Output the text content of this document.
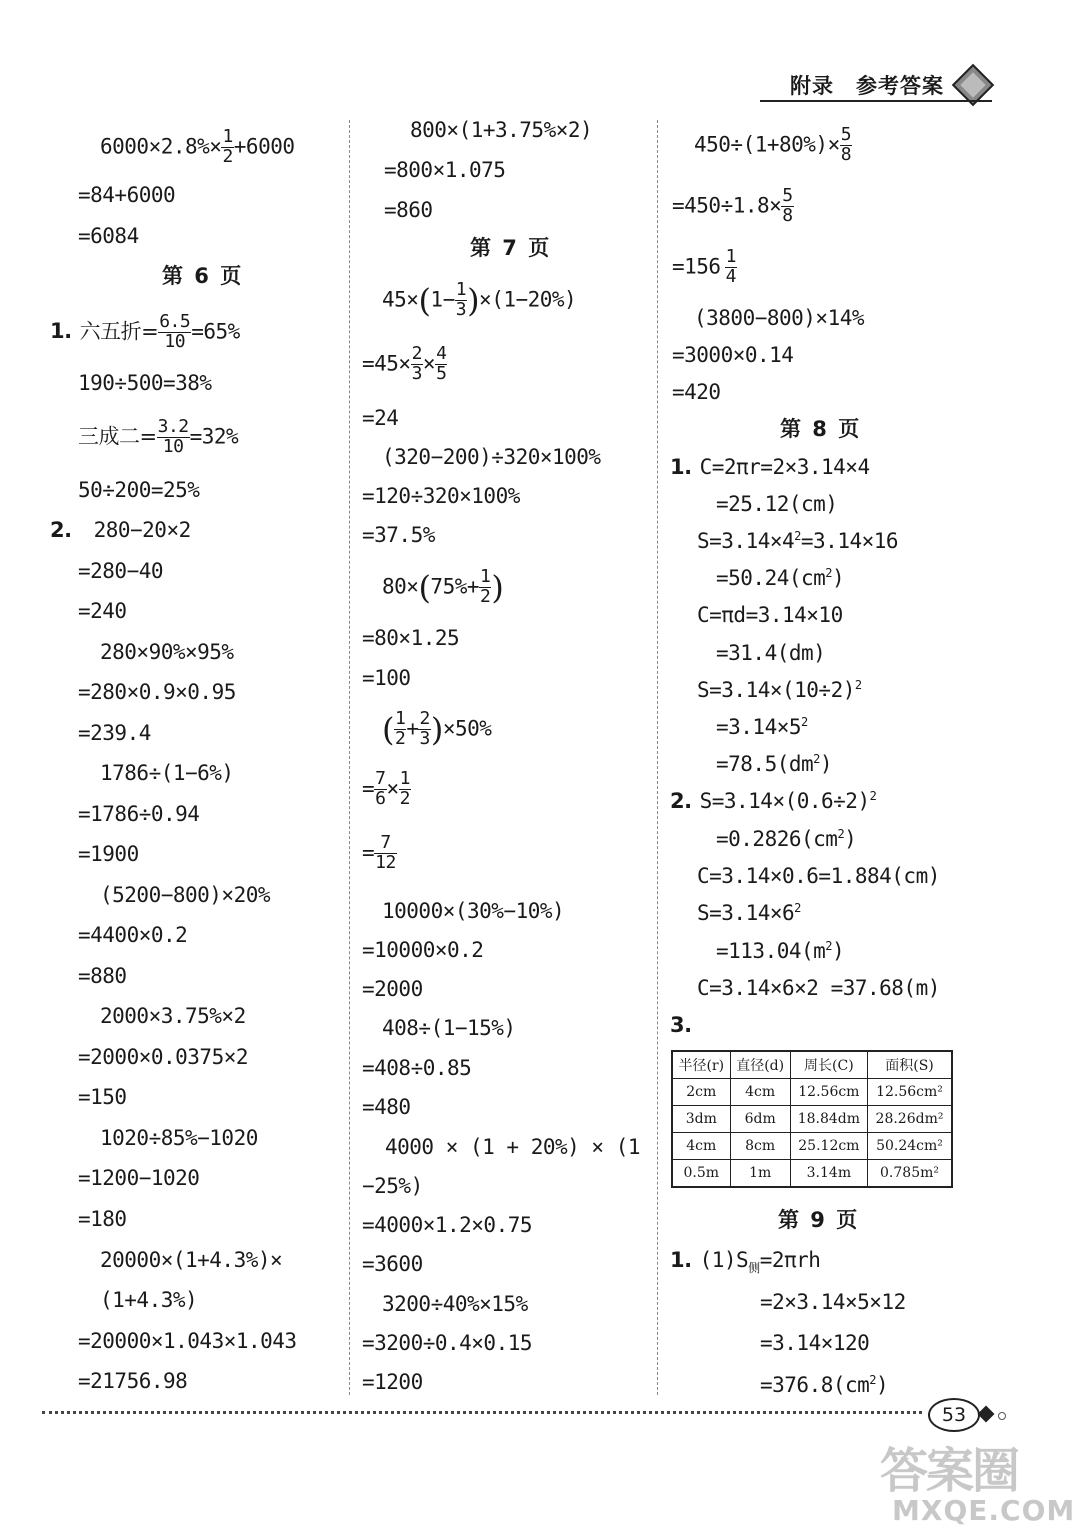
附录　参考答案
$6000\times 2.8\%\times \frac{1}{2} +6000$
=84+6000
=6084
第 6 页
1. 六五折= $\frac{6.5}{10} =65\%$
190÷500=38%
三成二= $\frac{3.2}{10} =32\%$
50÷200=25%
2. 280−20×2
=280−40
=240
280×90%×95%
=280×0.9×0.95
=239.4
1786÷(1−6%)
=1786÷0.94
=1900
(5200−800)×20%
=4400×0.2
=880
2000×3.75%×2
=2000×0.0375×2
=150
1020÷85%−1020
=1200−1020
=180
20000×(1+4.3%)×
(1+4.3%)
=20000×1.043×1.043
=21756.98
800×(1+3.75%×2)
=800×1.075
=860
第 7 页
$45\times(1- \frac{1}{3} )\times(1-20\%)$
$=45\times \frac{2}{3} \times \frac{4}{5}$
=24
(320−200)÷320×100%
=120÷320×100%
=37.5%
$80\times(75\%+ \frac{1}{2}$ )
=80×1.25
=100
( $\frac{1}{2} + \frac{2}{3} )\times 50\%$
= $\frac{7}{6} \times \frac{1}{2}$
= $\frac{7}{12}$
10000×(30%−10%)
=10000×0.2
=2000
408÷(1−15%)
=408÷0.85
=480
4000 × (1 + 20%) × (1
−25%)
=4000×1.2×0.75
=3600
3200÷40%×15%
=3200÷0.4×0.15
=1200
$450\div(1+80\%)\times \frac{5}{8}$
$=450\div 1.8\times \frac{5}{8}$
$=156 \frac{1}{4}$
(3800−800)×14%
=3000×0.14
=420
第 8 页
1. C=2πr=2×3.14×4
=25.12(cm)
$S=3.14\times 4^2=3.14\times 16$
$=50.24(cm^2)$
C=πd=3.14×10
=31.4(dm)
$S=3.14\times(10\div 2)^2$
$=3.14\times 5^2$
$=78.5(dm^2)$
2. $S=3.14\times(0.6\div 2)^2$
$=0.2826(cm^2)$
C=3.14×0.6=1.884(cm)
$S=3.14\times 6^2$
$=113.04(m^2)$
C=3.14×6×2 =37.68(m)
3.
半径(r)	直径(d)	周长(C)	面积(S)
2cm	4cm	12.56cm	12.56cm²
3dm	6dm	18.84dm	28.26dm²
4cm	8cm	25.12cm	50.24cm²
0.5m	1m	3.14m	0.785m²
第 9 页
1. $(1)S_侧=2\pi rh$
=2×3.14×5×12
=3.14×120
$=376.8(cm^2)$
53
答案圈
MXQE.COM
